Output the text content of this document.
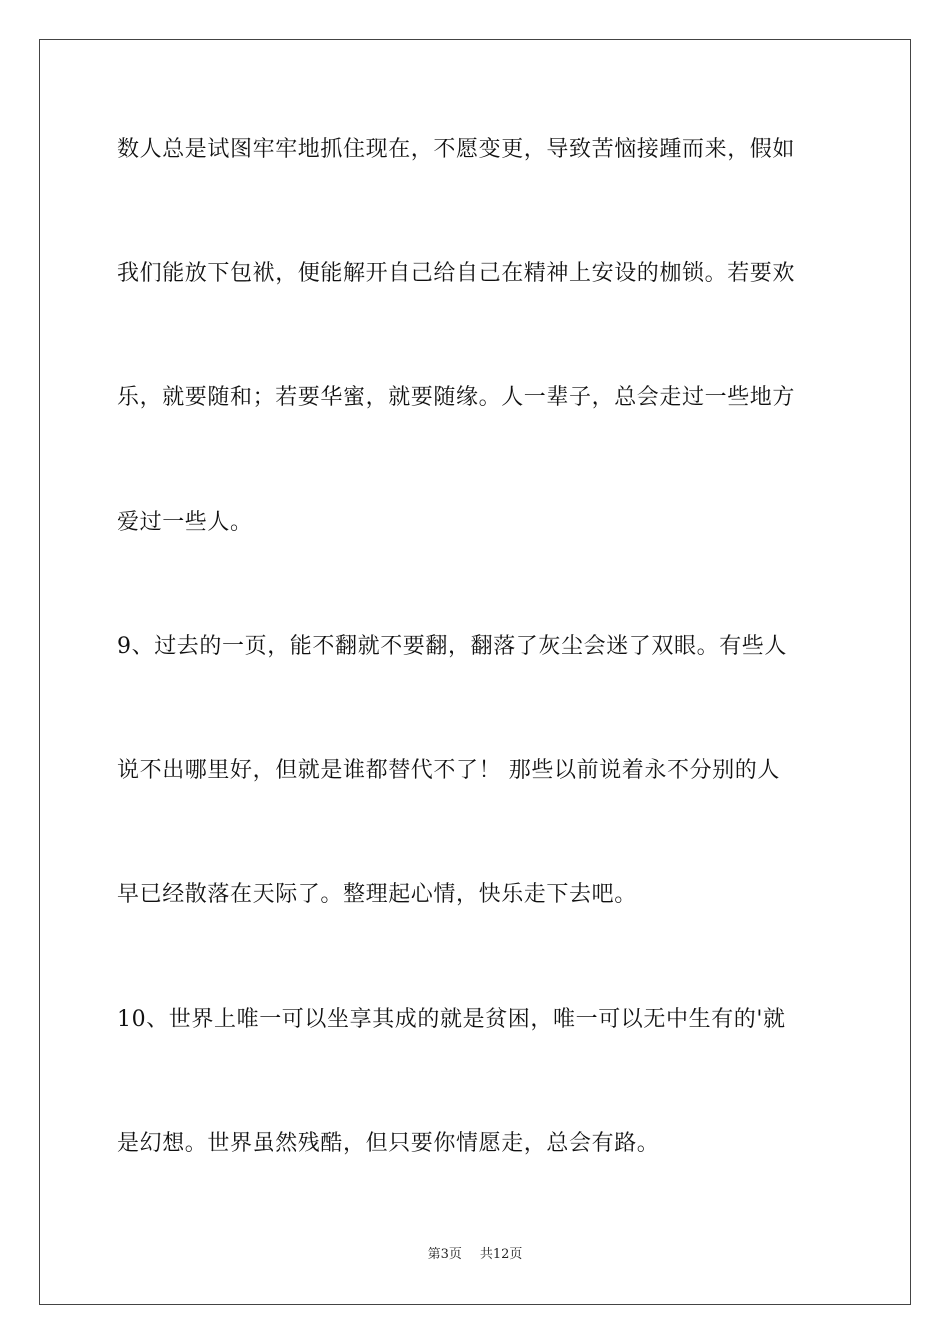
数人总是试图牢牢地抓住现在，不愿变更，导致苦恼接踵而来，假如
我们能放下包袱，便能解开自己给自己在精神上安设的枷锁。若要欢
乐，就要随和；若要华蜜，就要随缘。人一辈子，总会走过一些地方
爱过一些人。
9、过去的一页，能不翻就不要翻，翻落了灰尘会迷了双眼。有些人
说不出哪里好，但就是谁都替代不了！ 那些以前说着永不分别的人
早已经散落在天际了。整理起心情，快乐走下去吧。
10、世界上唯一可以坐享其成的就是贫困，唯一可以无中生有的'就
是幻想。世界虽然残酷，但只要你情愿走，总会有路。
第3页 共12页
